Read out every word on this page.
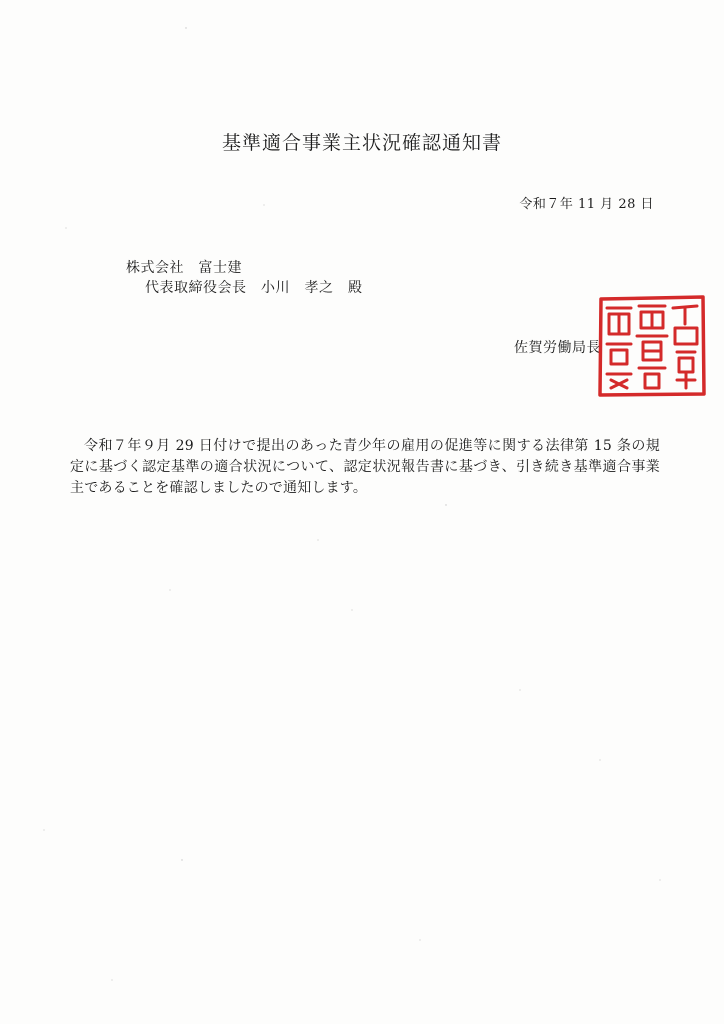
基準適合事業主状況確認通知書
令和７年 11 月 28 日
株式会社　富士建
代表取締役会長　小川　孝之　殿
佐賀労働局長
令和７年９月 29 日付けで提出のあった青少年の雇用の促進等に関する法律第 15 条の規定に基づく認定基準の適合状況について、認定状況報告書に基づき、引き続き基準適合事業主であることを確認しましたので通知します。
